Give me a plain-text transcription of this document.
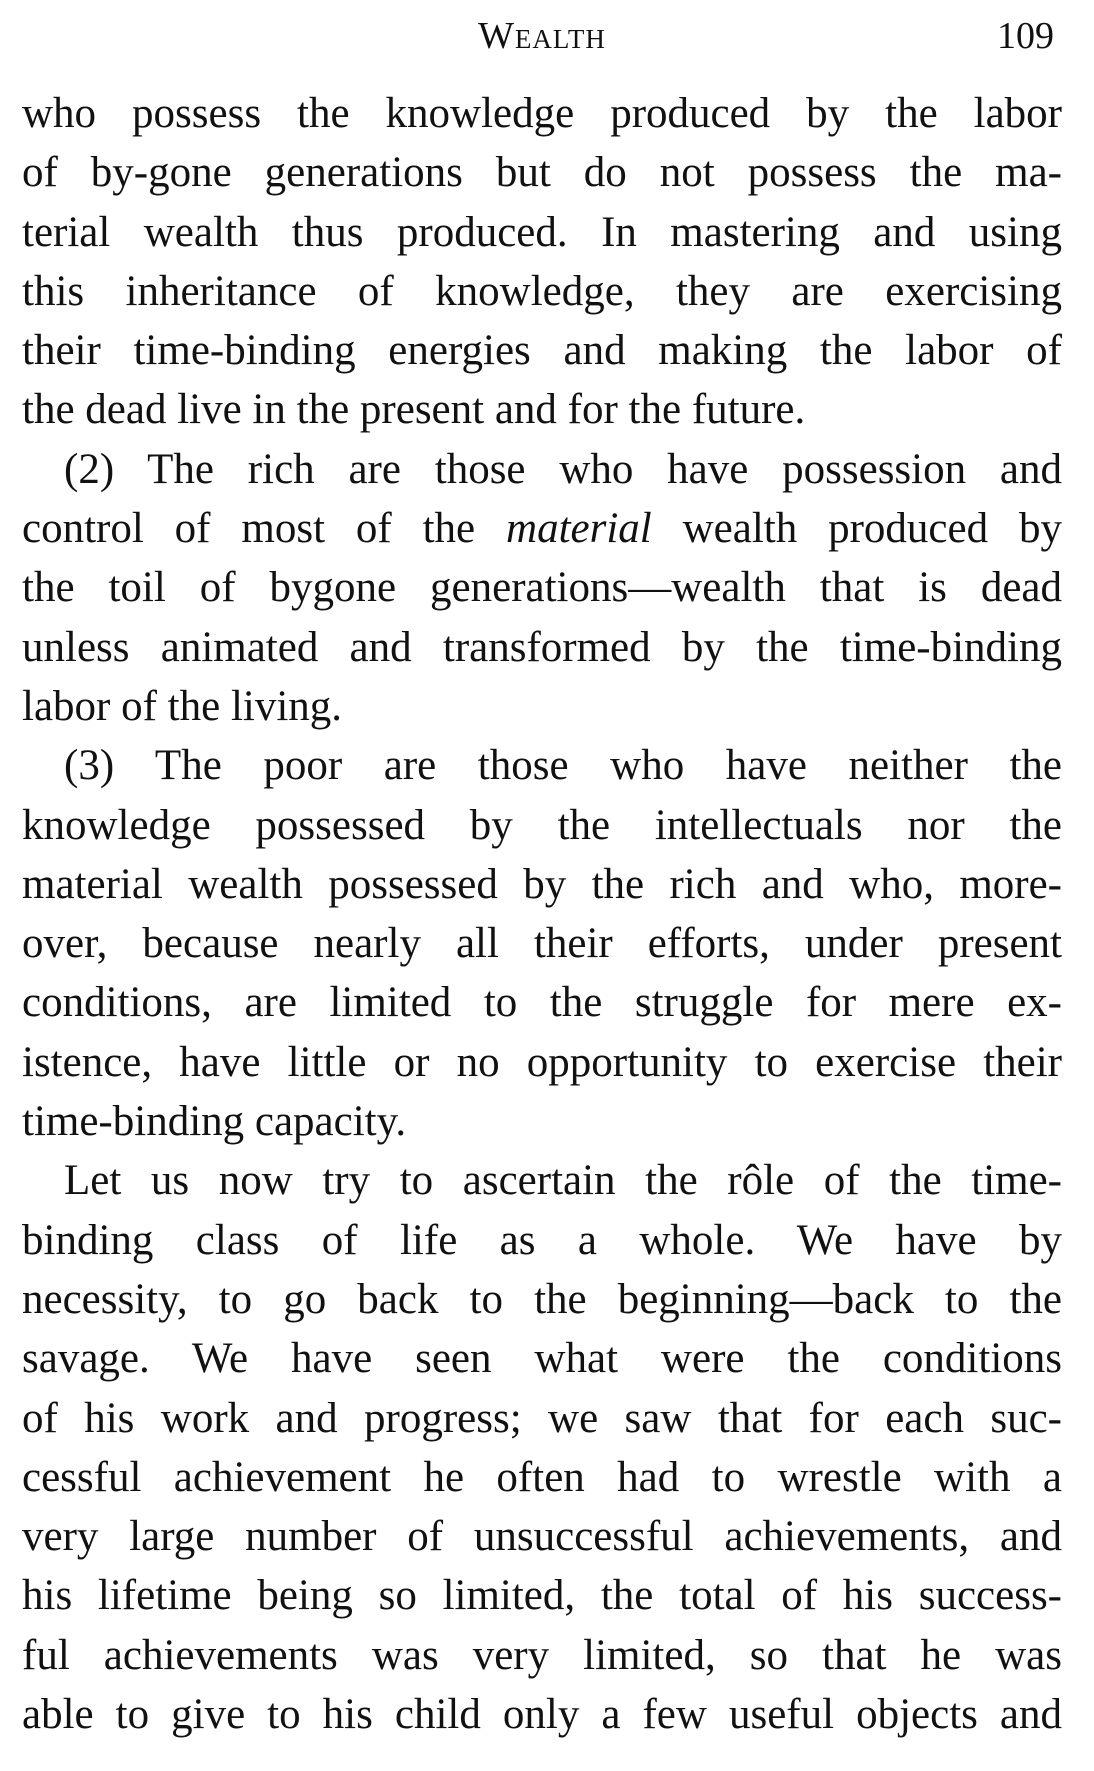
Wealth	109
who possess the knowledge produced by the labor
of by-gone generations but do not possess the ma-
terial wealth thus produced. In mastering and using
this inheritance of knowledge, they are exercising
their time-binding energies and making the labor of
the dead live in the present and for the future.
(2) The rich are those who have possession and
control of most of the material wealth produced by
the toil of bygone generations—wealth that is dead
unless animated and transformed by the time-binding
labor of the living.
(3) The poor are those who have neither the
knowledge possessed by the intellectuals nor the
material wealth possessed by the rich and who, more-
over, because nearly all their efforts, under present
conditions, are limited to the struggle for mere ex-
istence, have little or no opportunity to exercise their
time-binding capacity.
Let us now try to ascertain the rôle of the time-
binding class of life as a whole. We have by
necessity, to go back to the beginning—back to the
savage. We have seen what were the conditions
of his work and progress; we saw that for each suc-
cessful achievement he often had to wrestle with a
very large number of unsuccessful achievements, and
his lifetime being so limited, the total of his success-
ful achievements was very limited, so that he was
able to give to his child only a few useful objects and
